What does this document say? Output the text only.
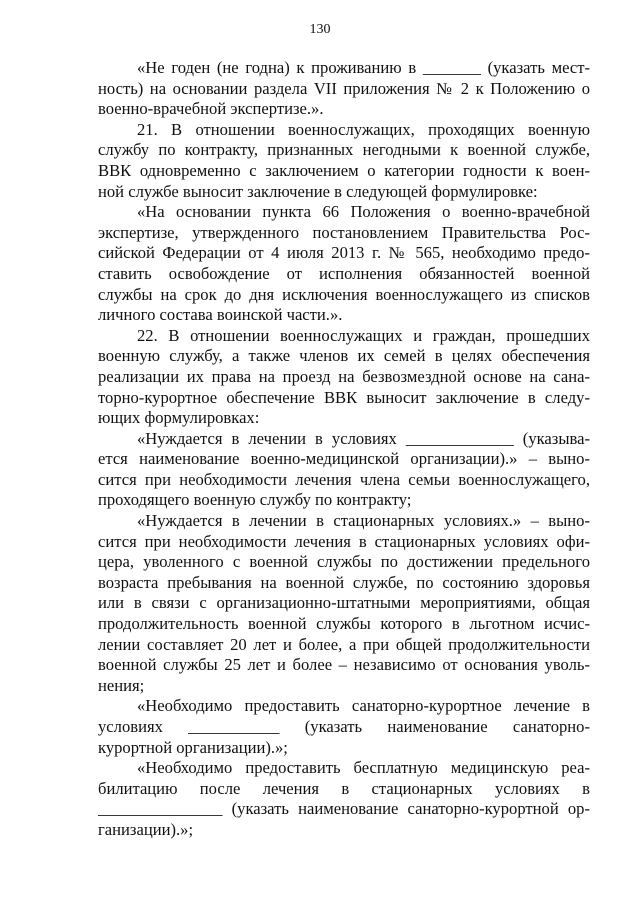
130
«Не годен (не годна) к проживанию в _______ (указать мест-
ность) на основании раздела VII приложения № 2 к Положению о
военно-врачебной экспертизе.».
21. В отношении военнослужащих, проходящих военную
службу по контракту, признанных негодными к военной службе,
ВВК одновременно с заключением о категории годности к воен-
ной службе выносит заключение в следующей формулировке:
«На основании пункта 66 Положения о военно-врачебной
экспертизе, утвержденного постановлением Правительства Рос-
сийской Федерации от 4 июля 2013 г. № 565, необходимо предо-
ставить освобождение от исполнения обязанностей военной
службы на срок до дня исключения военнослужащего из списков
личного состава воинской части.».
22. В отношении военнослужащих и граждан, прошедших
военную службу, а также членов их семей в целях обеспечения
реализации их права на проезд на безвозмездной основе на сана-
торно-курортное обеспечение ВВК выносит заключение в следу-
ющих формулировках:
«Нуждается в лечении в условиях _____________ (указыва-
ется наименование военно-медицинской организации).» – выно-
сится при необходимости лечения члена семьи военнослужащего,
проходящего военную службу по контракту;
«Нуждается в лечении в стационарных условиях.» – выно-
сится при необходимости лечения в стационарных условиях офи-
цера, уволенного с военной службы по достижении предельного
возраста пребывания на военной службе, по состоянию здоровья
или в связи с организационно-штатными мероприятиями, общая
продолжительность военной службы которого в льготном исчис-
лении составляет 20 лет и более, а при общей продолжительности
военной службы 25 лет и более – независимо от основания уволь-
нения;
«Необходимо предоставить санаторно-курортное лечение в
условиях ___________ (указать наименование санаторно-
курортной организации).»;
«Необходимо предоставить бесплатную медицинскую реа-
билитацию после лечения в стационарных условиях в
_______________ (указать наименование санаторно-курортной ор-
ганизации).»;
